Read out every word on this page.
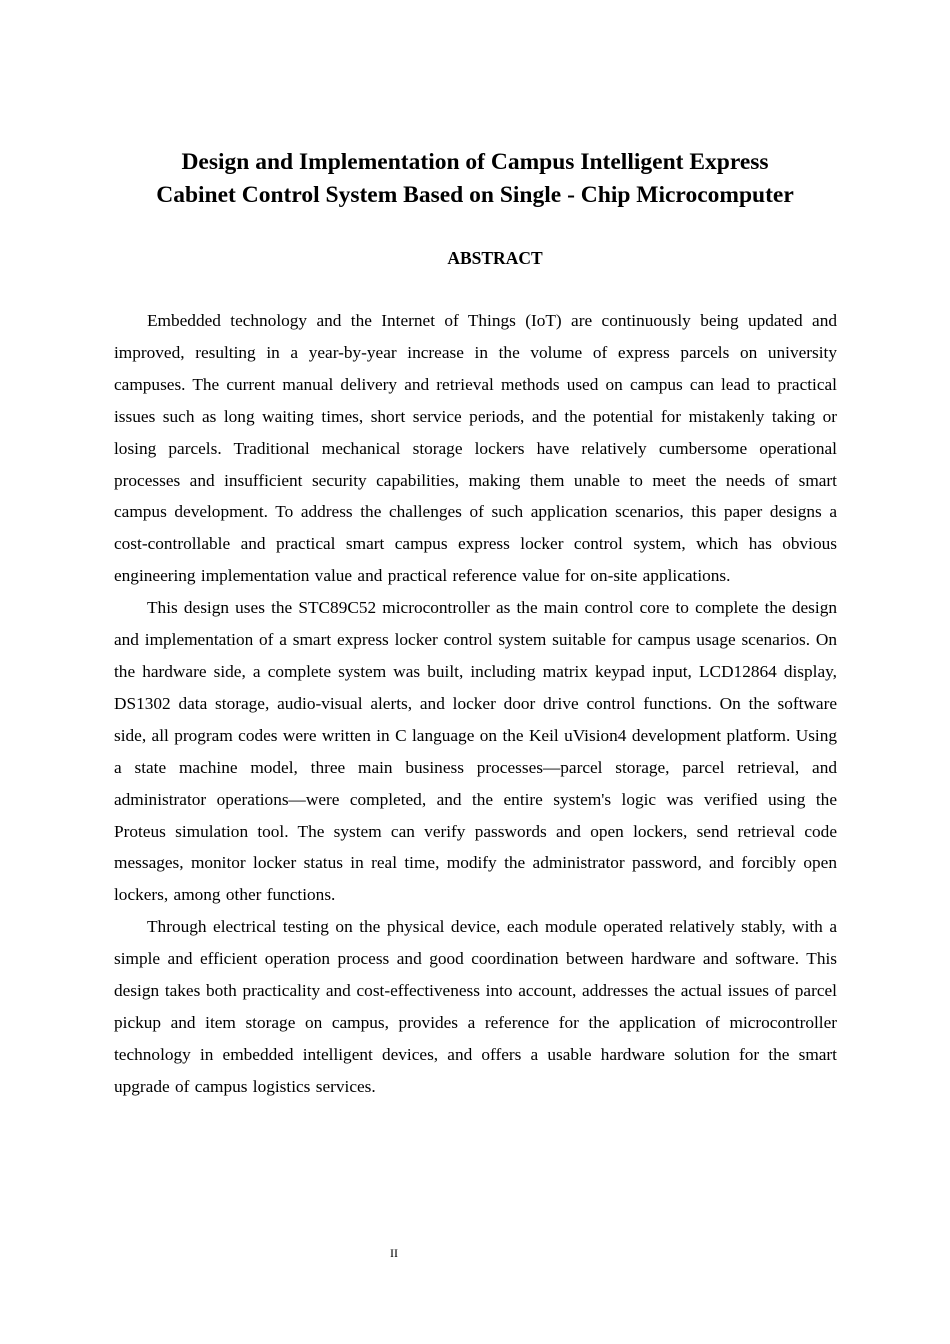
Design and Implementation of Campus Intelligent Express
Cabinet Control System Based on Single - Chip Microcomputer
ABSTRACT

Embedded technology and the Internet of Things (IoT) are continuously being updated and improved, resulting in a year-by-year increase in the volume of express parcels on university campuses. The current manual delivery and retrieval methods used on campus can lead to practical issues such as long waiting times, short service periods, and the potential for mistakenly taking or losing parcels. Traditional mechanical storage lockers have relatively cumbersome operational processes and insufficient security capabilities, making them unable to meet the needs of smart campus development. To address the challenges of such application scenarios, this paper designs a cost-controllable and practical smart campus express locker control system, which has obvious engineering implementation value and practical reference value for on-site applications.

This design uses the STC89C52 microcontroller as the main control core to complete the design and implementation of a smart express locker control system suitable for campus usage scenarios. On the hardware side, a complete system was built, including matrix keypad input, LCD12864 display, DS1302 data storage, audio-visual alerts, and locker door drive control functions. On the software side, all program codes were written in C language on the Keil uVision4 development platform. Using a state machine model, three main business processes—parcel storage, parcel retrieval, and administrator operations—were completed, and the entire system's logic was verified using the Proteus simulation tool. The system can verify passwords and open lockers, send retrieval code messages, monitor locker status in real time, modify the administrator password, and forcibly open lockers, among other functions.

Through electrical testing on the physical device, each module operated relatively stably, with a simple and efficient operation process and good coordination between hardware and software. This design takes both practicality and cost-effectiveness into account, addresses the actual issues of parcel pickup and item storage on campus, provides a reference for the application of microcontroller technology in embedded intelligent devices, and offers a usable hardware solution for the smart upgrade of campus logistics services.

II
